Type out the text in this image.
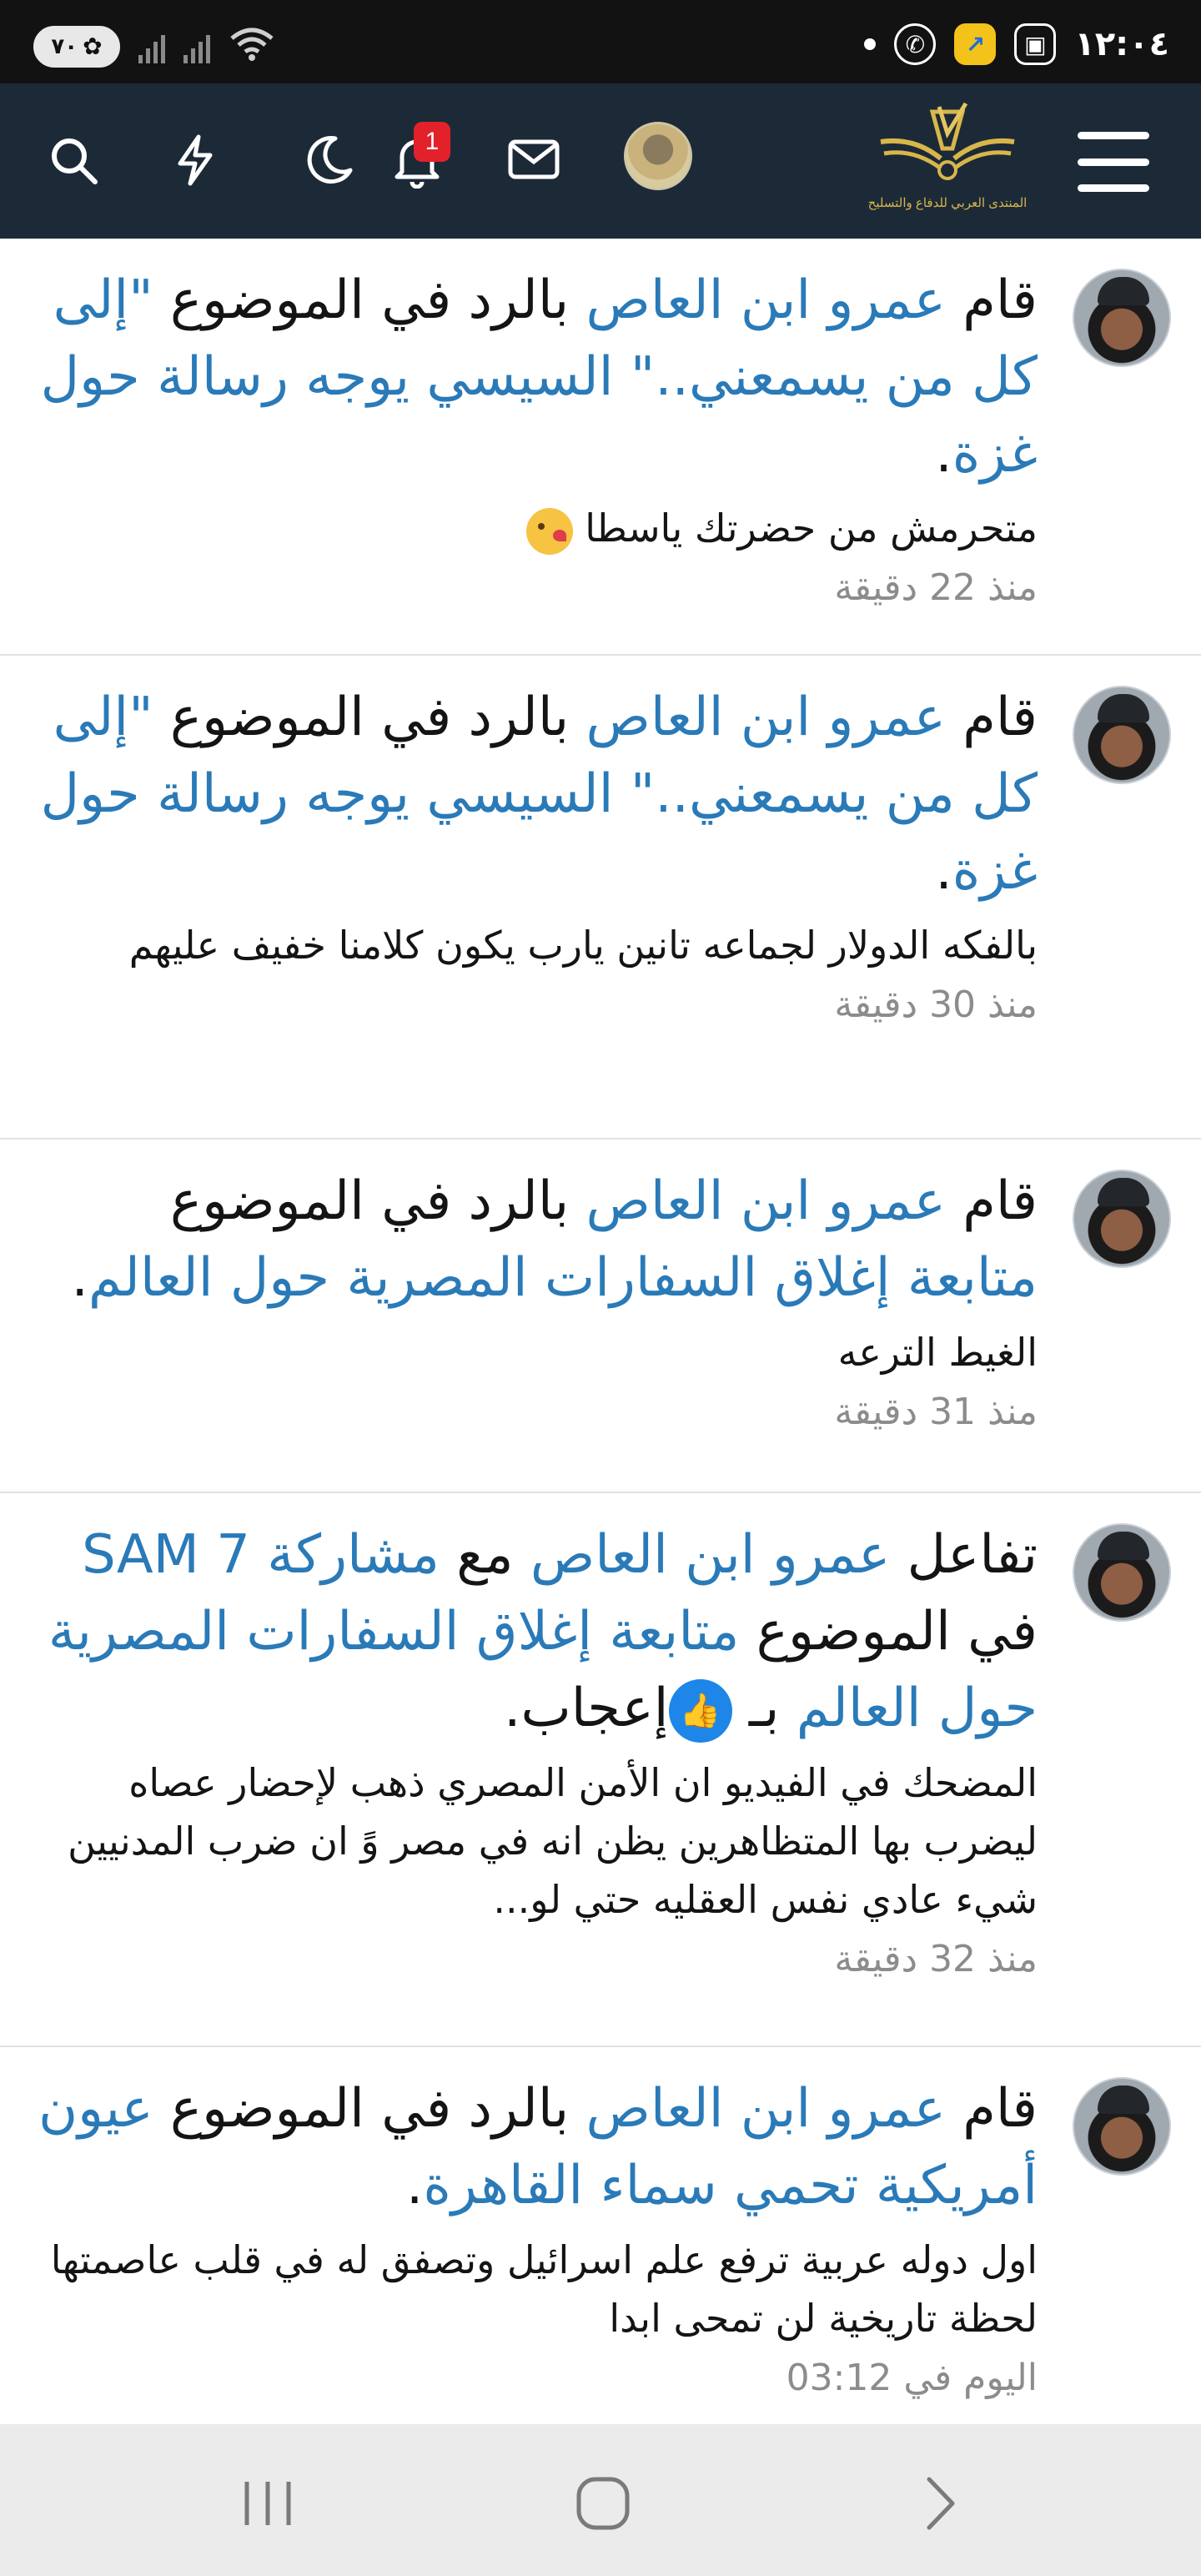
٧٠ ✿	✆	↗	▣ ١٢:٠٤
1
المنتدى العربي للدفاع والتسليح
قام عمرو ابن العاص بالرد في الموضوع "إلى كل من يسمعني.." السيسي يوجه رسالة حول غزة.
متحرمش من حضرتك ياسطا
منذ 22 دقيقة
قام عمرو ابن العاص بالرد في الموضوع "إلى كل من يسمعني.." السيسي يوجه رسالة حول غزة.
بالفكه الدولار لجماعه تانين يارب يكون كلامنا خفيف عليهم
منذ 30 دقيقة
قام عمرو ابن العاص بالرد في الموضوع متابعة إغلاق السفارات المصرية حول العالم.
الغيط الترعه
منذ 31 دقيقة
تفاعل عمرو ابن العاص مع مشاركة SAM 7 في الموضوع متابعة إغلاق السفارات المصرية حول العالم بـ 👍إعجاب.
المضحك في الفيديو ان الأمن المصري ذهب لإحضار عصاه ليضرب بها المتظاهرين يظن انه في مصر وً ان ضرب المدنيين شيء عادي نفس العقليه حتي لو...
منذ 32 دقيقة
قام عمرو ابن العاص بالرد في الموضوع عيون أمريكية تحمي سماء القاهرة.
اول دوله عربية ترفع علم اسرائيل وتصفق له في قلب عاصمتها لحظة تاريخية لن تمحى ابدا
اليوم في 03:12
